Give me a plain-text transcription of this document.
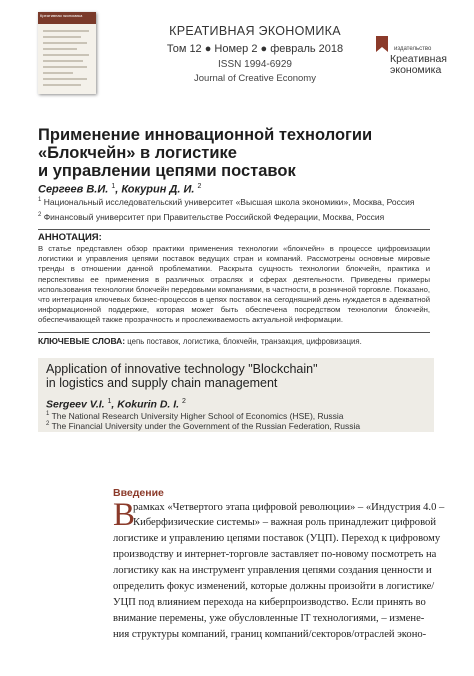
Креативная экономика
КРЕАТИВНАЯ ЭКОНОМИКА
Том 12 ● Номер 2 ● февраль 2018
ISSN 1994-6929
Journal of Creative Economy
издательство
Креативная экономика
Применение инновационной технологии
«Блокчейн» в логистике
и управлении цепями поставок
Сергеев В.И. $^1$, Кокурин Д. И. $^2$
$^1$ Национальный исследовательский университет «Высшая школа экономики», Москва, Россия
$^2$ Финансовый университет при Правительстве Российской Федерации, Москва, Россия
АННОТАЦИЯ:

В статье представлен обзор практики применения технологии «блокчейн» в процессе цифровизации логистики и управления цепями поставок ведущих стран и компаний. Рассмотрены основные мировые тренды в отношении данной проблематики. Раскрыта сущность технологии блокчейн, практика и перспективы ее применения в различных отраслях и сферах деятельности. Приведены примеры использования технологии блокчейн передовыми компаниями, в частности, в розничной торговле. Показано, что интеграция ключевых бизнес-процессов в цепях поставок на сегодняшний день нуждается в адекватной информационной поддержке, которая может быть обеспечена посредством технологии блокчейн, обеспечивающей также прозрачность и прослеживаемость актуальной информации.

КЛЮЧЕВЫЕ СЛОВА: цепь поставок, логистика, блокчейн, транзакция, цифровизация.
Application of innovative technology "Blockchain"
in logistics and supply chain management
Sergeev V.I. $^1$, Kokurin D. I. $^2$
$^1$ The National Research University Higher School of Economics (HSE), Russia
$^2$ The Financial University under the Government of the Russian Federation, Russia
Введение
В
рамках «Четвертого этапа цифровой революции» – «Индустрия 4.0 –
Киберфизические системы» – важная роль принадлежит цифровой
логистике и управлению цепями поставок (УЦП). Переход к цифровому
производству и интернет-торговле заставляет по-новому посмотреть на
логистику как на инструмент управления цепями создания ценности и
определить фокус изменений, которые должны произойти в логистике/
УЦП под влиянием перехода на киберпроизводство. Если принять во
внимание перемены, уже обусловленные IT технологиями, – измене-
ния структуры компаний, границ компаний/секторов/отраслей эконо-
